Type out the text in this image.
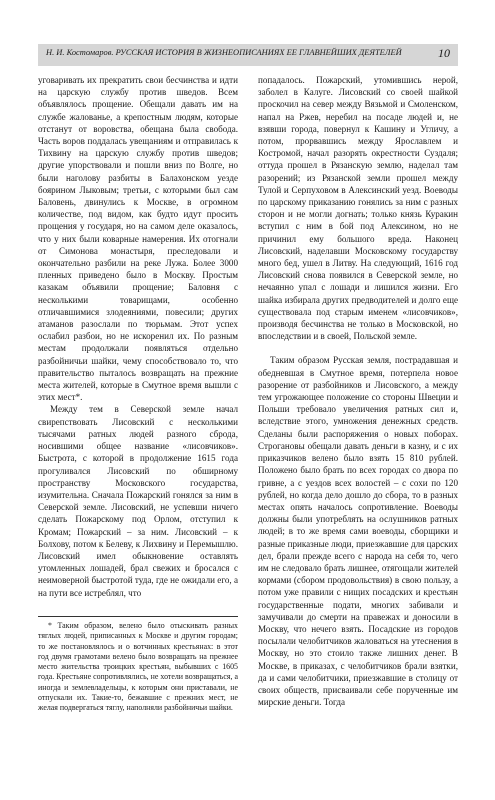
Н. И. Костомаров. РУССКАЯ ИСТОРИЯ В ЖИЗНЕОПИСАНИЯХ ЕЕ ГЛАВНЕЙШИХ ДЕЯТЕЛЕЙ	10

уговаривать их прекратить свои бесчинства и идти на царскую службу против шведов. Всем объявлялось прощение. Обещали давать им на службе жалованье, а крепостным людям, которые отстанут от воровства, обещана была свобода. Часть воров поддалась увещаниям и отправилась к Тихвину на царскую службу против шведов; другие упорствовали и пошли вниз по Волге, но были наголову разбиты в Балахонском уезде боярином Лыковым; третьи, с которыми был сам Баловень, двинулись к Москве, в огромном количестве, под видом, как будто идут просить прощения у государя, но на самом деле оказалось, что у них были коварные намерения. Их отогнали от Симонова монастыря, преследовали и окончательно разбили на реке Лужа. Более 3000 пленных приведено было в Москву. Простым казакам объявили прощение; Баловня с несколькими товарищами, особенно отличавшимися злодеяниями, повесили; других атаманов разослали по тюрьмам. Этот успех ослабил разбои, но не искоренил их. По разным местам продолжали появляться отдельно разбойничьи шайки, чему способствовало то, что правительство пыталось возвращать на прежние места жителей, которые в Смутное время вышли с этих мест*.

Между тем в Северской земле начал свирепствовать Лисовский с несколькими тысячами ратных людей разного сброда, носившими общее название «лисовчиков». Быстрота, с которой в продолжение 1615 года прогуливался Лисовский по обширному пространству Московского государства, изумительна. Сначала Пожарский гонялся за ним в Северской земле. Лисовский, не успевши ничего сделать Пожарскому под Орлом, отступил к Кромам; Пожарский – за ним. Лисовский – к Болхову, потом к Белеву, к Лихвину и Перемышлю. Лисовский имел обыкновение оставлять утомленных лошадей, брал свежих и бросался с неимоверной быстротой туда, где не ожидали его, а на пути все истреблял, что

* Таким образом, велено было отыскивать разных тяглых людей, приписанных к Москве и другим городам; то же постановлялось и о вотчинных крестьянах: в этот год двумя грамотами велено было возвращать на прежнее место жительства троицких крестьян, выбывших с 1605 года. Крестьяне сопротивлялись, не хотели возвращаться, а иногда и землевладельцы, к которым они приставали, не отпускали их. Такие-то, бежавшие с прежних мест, не желая подвергаться тяглу, наполняли разбойничьи шайки.

попадалось. Пожарский, утомившись нерой, заболел в Калуге. Лисовский со своей шайкой проскочил на север между Вязьмой и Смоленском, напал на Ржев, неребил на посаде людей и, не взявши города, повернул к Кашину и Угличу, а потом, прорвавшись между Ярославлем и Костромой, начал разорять окрестности Суздаля; оттуда прошел в Рязанскую землю, наделал там разорений; из Рязанской земли прошел между Тулой и Серпуховом в Алексинский уезд. Воеводы по царскому приказанию гонялись за ним с разных сторон и не могли догнать; только князь Куракин вступил с ним в бой под Алексином, но не причинил ему большого вреда. Наконец Лисовский, наделавши Московскому государству много бед, ушел в Литву. На следующий, 1616 год Лисовский снова появился в Северской земле, но нечаянно упал с лошади и лишился жизни. Его шайка избирала других предводителей и долго еще существовала под старым именем «лисовчиков», производя бесчинства не только в Московской, но впоследствии и в своей, Польской земле.

Таким образом Русская земля, пострадавшая и обедневшая в Смутное время, потерпела новое разорение от разбойников и Лисовского, а между тем угрожающее положение со стороны Швеции и Польши требовало увеличения ратных сил и, вследствие этого, умножения денежных средств. Сделаны были распоряжения о новых поборах. Строгановы обещали давать деньги в казну, и с их приказчиков велено было взять 15 810 рублей. Положено было брать по всех городах со двора по гривне, а с уездов всех волостей – с сохи по 120 рублей, но когда дело дошло до сбора, то в разных местах опять началось сопротивление. Воеводы должны были употреблять на ослушников ратных людей; в то же время сами воеводы, сборщики и разные приказные люди, приезжавшие для царских дел, брали прежде всего с народа на себя то, чего им не следовало брать лишнее, отягощали жителей кормами (сбором продовольствия) в свою пользу, а потом уже правили с нищих посадских и крестьян государственные подати, многих забивали и замучивали до смерти на правежах и доносили в Москву, что нечего взять. Посадские из городов посылали челобитчиков жаловаться на утеснения в Москву, но это стоило также лишних денег. В Москве, в приказах, с челобитчиков брали взятки, да и сами челобитчики, приезжавшие в столицу от своих обществ, присваивали себе порученные им мирские деньги. Тогда
